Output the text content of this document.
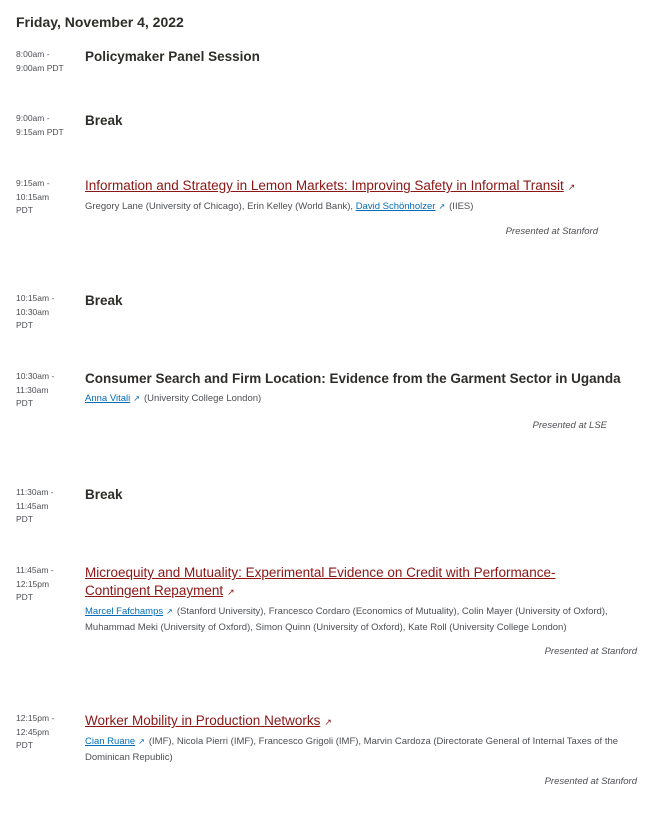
Friday, November 4, 2022
8:00am -
9:00am PDT
Policymaker Panel Session
9:00am -
9:15am PDT
Break
9:15am -
10:15am
PDT
Information and Strategy in Lemon Markets: Improving Safety in Informal Transit ↗
Gregory Lane (University of Chicago), Erin Kelley (World Bank), David Schönholzer ↗ (IIES)
Presented at Stanford
10:15am -
10:30am
PDT
Break
10:30am -
11:30am
PDT
Consumer Search and Firm Location: Evidence from the Garment Sector in Uganda
Anna Vitali ↗ (University College London)
Presented at LSE
11:30am -
11:45am
PDT
Break
11:45am -
12:15pm
PDT
Microequity and Mutuality: Experimental Evidence on Credit with Performance-
Contingent Repayment ↗
Marcel Fafchamps ↗ (Stanford University), Francesco Cordaro (Economics of Mutuality), Colin Mayer (University of Oxford),
Muhammad Meki (University of Oxford), Simon Quinn (University of Oxford), Kate Roll (University College London)
Presented at Stanford
12:15pm -
12:45pm
PDT
Worker Mobility in Production Networks ↗
Cian Ruane ↗ (IMF), Nicola Pierri (IMF), Francesco Grigoli (IMF), Marvin Cardoza (Directorate General of Internal Taxes of the
Dominican Republic)
Presented at Stanford
